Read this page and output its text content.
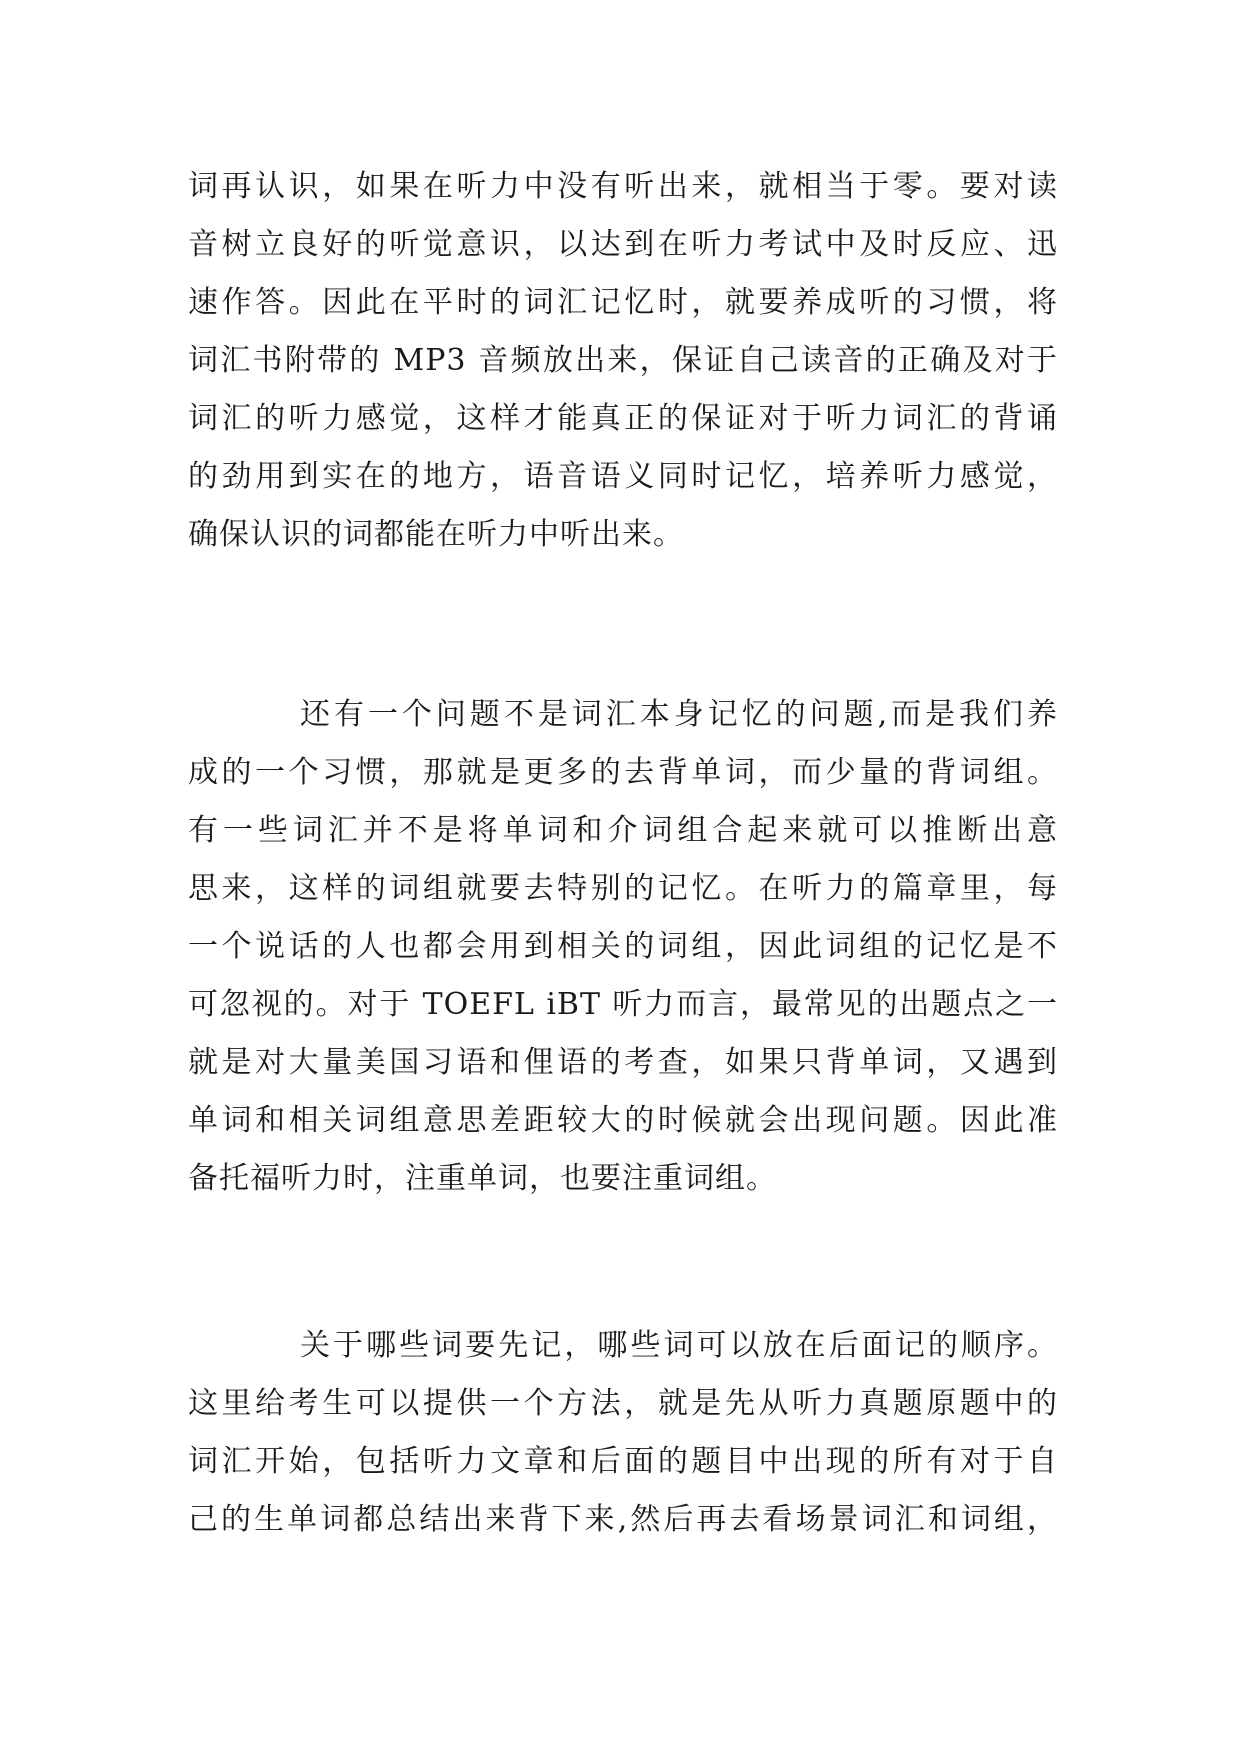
词再认识，如果在听力中没有听出来，就相当于零。要对读
音树立良好的听觉意识，以达到在听力考试中及时反应、迅
速作答。因此在平时的词汇记忆时，就要养成听的习惯，将
词汇书附带的 MP3 音频放出来，保证自己读音的正确及对于
词汇的听力感觉，这样才能真正的保证对于听力词汇的背诵
的劲用到实在的地方，语音语义同时记忆，培养听力感觉，
确保认识的词都能在听力中听出来。
还有一个问题不是词汇本身记忆的问题,而是我们养
成的一个习惯，那就是更多的去背单词，而少量的背词组。
有一些词汇并不是将单词和介词组合起来就可以推断出意
思来，这样的词组就要去特别的记忆。在听力的篇章里，每
一个说话的人也都会用到相关的词组，因此词组的记忆是不
可忽视的。对于 TOEFL iBT 听力而言，最常见的出题点之一
就是对大量美国习语和俚语的考查，如果只背单词，又遇到
单词和相关词组意思差距较大的时候就会出现问题。因此准
备托福听力时，注重单词，也要注重词组。
关于哪些词要先记，哪些词可以放在后面记的顺序。
这里给考生可以提供一个方法，就是先从听力真题原题中的
词汇开始，包括听力文章和后面的题目中出现的所有对于自
己的生单词都总结出来背下来,然后再去看场景词汇和词组，
